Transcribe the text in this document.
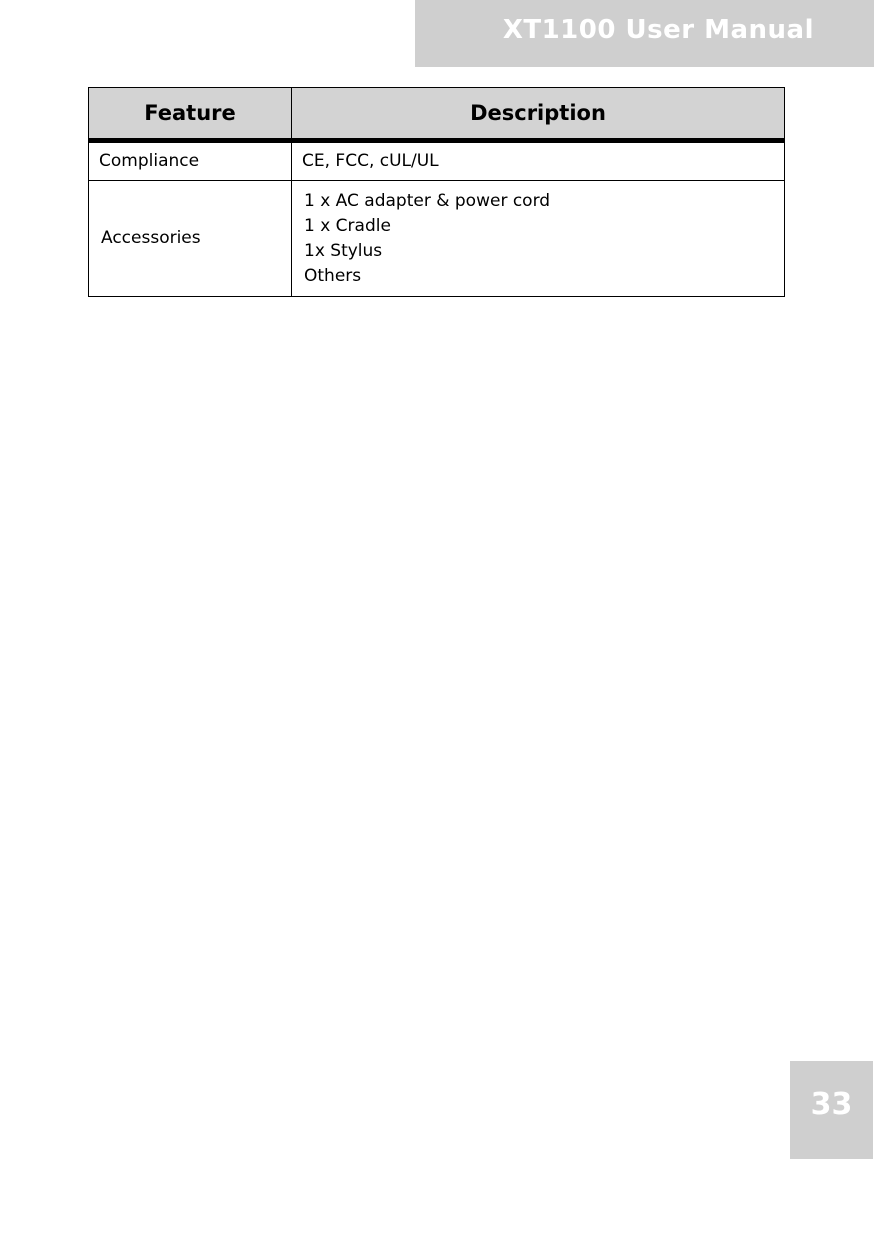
XT1100 User Manual
Feature	Description
Compliance	CE, FCC, cUL/UL

Accessories	1 x AC adapter & power cord
1 x Cradle
1x Stylus
Others
33
